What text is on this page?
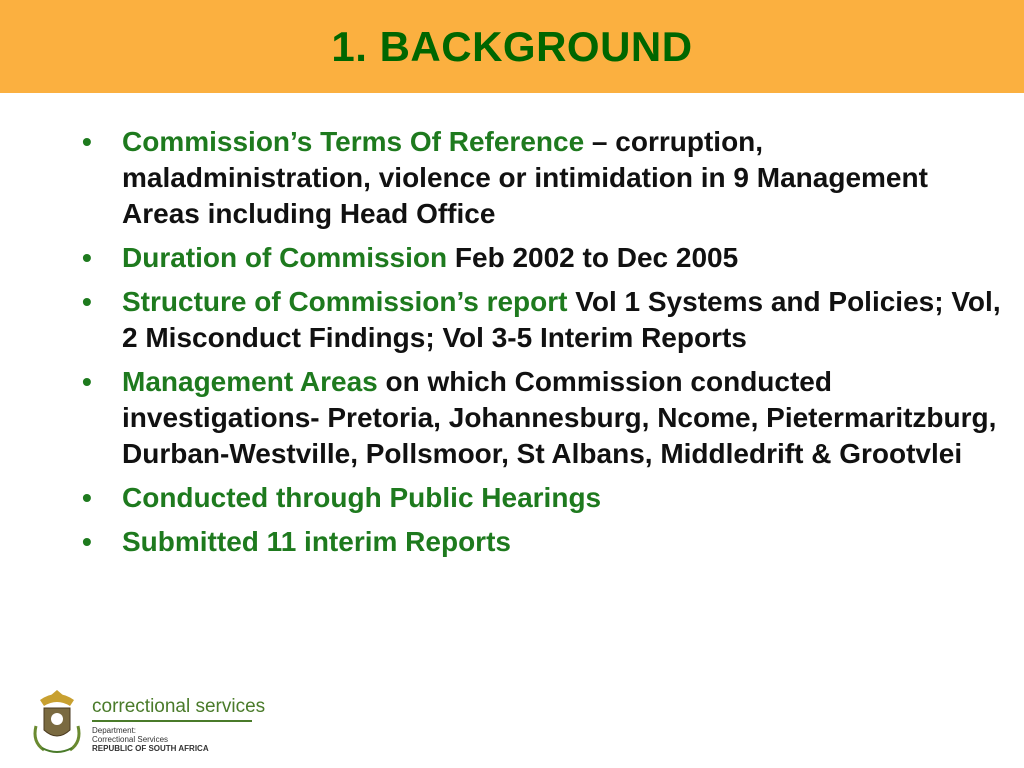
1. BACKGROUND
• Commission’s Terms Of Reference – corruption, maladministration, violence or intimidation in 9 Management Areas including Head Office
• Duration of Commission Feb 2002 to Dec 2005
• Structure of Commission’s report Vol 1 Systems and Policies; Vol, 2 Misconduct Findings; Vol 3-5 Interim Reports
• Management Areas on which Commission conducted investigations- Pretoria, Johannesburg, Ncome, Pietermaritzburg, Durban-Westville, Pollsmoor, St Albans, Middledrift & Grootvlei
• Conducted through Public Hearings
• Submitted 11 interim Reports
correctional services
Department:
Correctional Services
REPUBLIC OF SOUTH AFRICA
